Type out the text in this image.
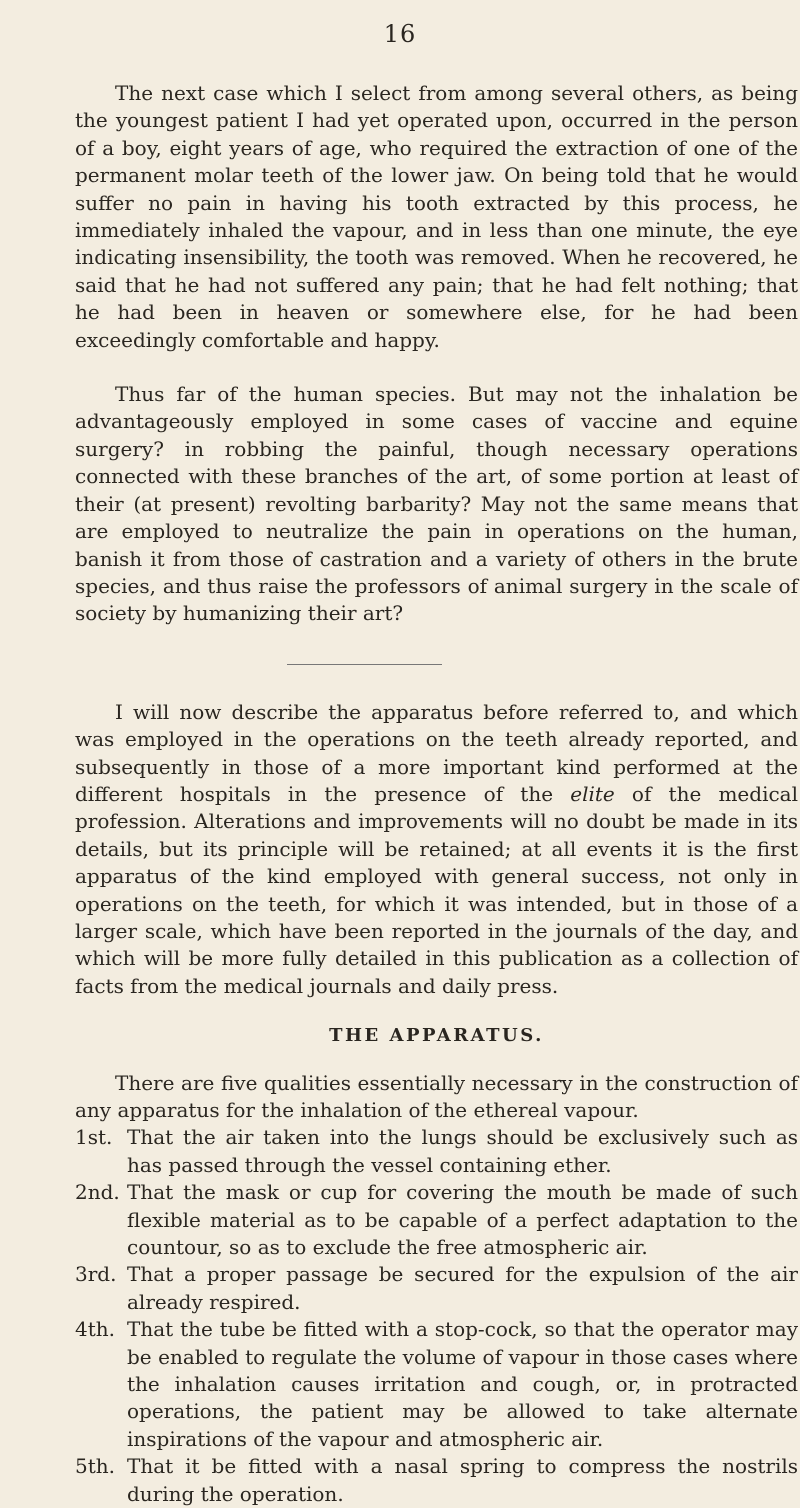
16

The next case which I select from among several others, as being the youngest patient I had yet operated upon, occurred in the person of a boy, eight years of age, who required the extraction of one of the permanent molar teeth of the lower jaw. On being told that he would suffer no pain in having his tooth extracted by this process, he immediately inhaled the vapour, and in less than one minute, the eye indicating insensibility, the tooth was removed. When he recovered, he said that he had not suffered any pain; that he had felt nothing; that he had been in heaven or somewhere else, for he had been exceedingly comfortable and happy.

Thus far of the human species. But may not the inhalation be advantageously employed in some cases of vaccine and equine surgery? in robbing the painful, though necessary operations connected with these branches of the art, of some portion at least of their (at present) revolting barbarity? May not the same means that are employed to neutralize the pain in operations on the human, banish it from those of castration and a variety of others in the brute species, and thus raise the professors of animal surgery in the scale of society by humanizing their art?

I will now describe the apparatus before referred to, and which was employed in the operations on the teeth already reported, and subsequently in those of a more important kind performed at the different hospitals in the presence of the elite of the medical profession. Alterations and improvements will no doubt be made in its details, but its principle will be retained; at all events it is the first apparatus of the kind employed with general success, not only in operations on the teeth, for which it was intended, but in those of a larger scale, which have been reported in the journals of the day, and which will be more fully detailed in this publication as a collection of facts from the medical journals and daily press.

THE APPARATUS.

There are five qualities essentially necessary in the construction of any apparatus for the inhalation of the ethereal vapour.

1st. That the air taken into the lungs should be exclusively such as has passed through the vessel containing ether.
2nd. That the mask or cup for covering the mouth be made of such flexible material as to be capable of a perfect adaptation to the countour, so as to exclude the free atmospheric air.
3rd. That a proper passage be secured for the expulsion of the air already respired.
4th. That the tube be fitted with a stop-cock, so that the operator may be enabled to regulate the volume of vapour in those cases where the inhalation causes irritation and cough, or, in protracted operations, the patient may be allowed to take alternate inspirations of the vapour and atmospheric air.
5th. That it be fitted with a nasal spring to compress the nostrils during the operation.
